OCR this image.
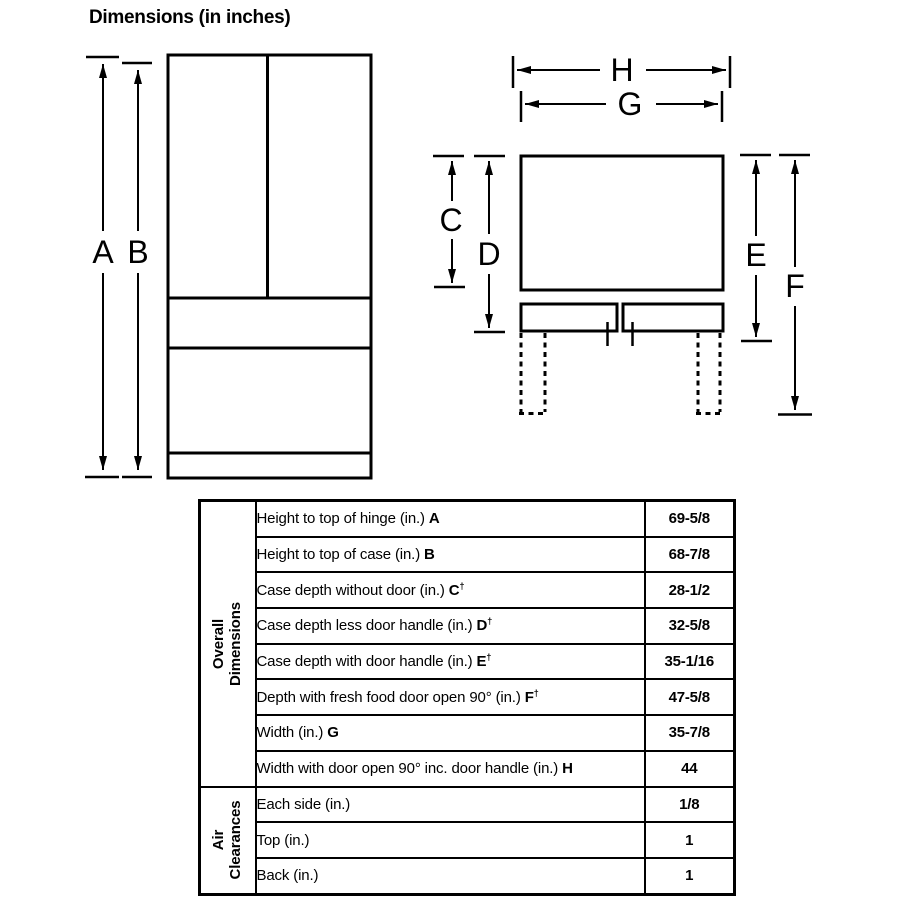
Dimensions (in inches)
A B
H
G
C
D	E
F
Overall Dimensions	Height to top of hinge (in.) A	69-5/8
	Height to top of case (in.) B	68-7/8
	Case depth without door (in.) C†	28-1/2
	Case depth less door handle (in.) D†	32-5/8
	Case depth with door handle (in.) E†	35-1/16
	Depth with fresh food door open 90° (in.) F†	47-5/8
	Width (in.) G	35-7/8
	Width with door open 90° inc. door handle (in.) H	44

Air Clearances	Each side (in.)	1/8
	Top (in.)	1
	Back (in.)	1
